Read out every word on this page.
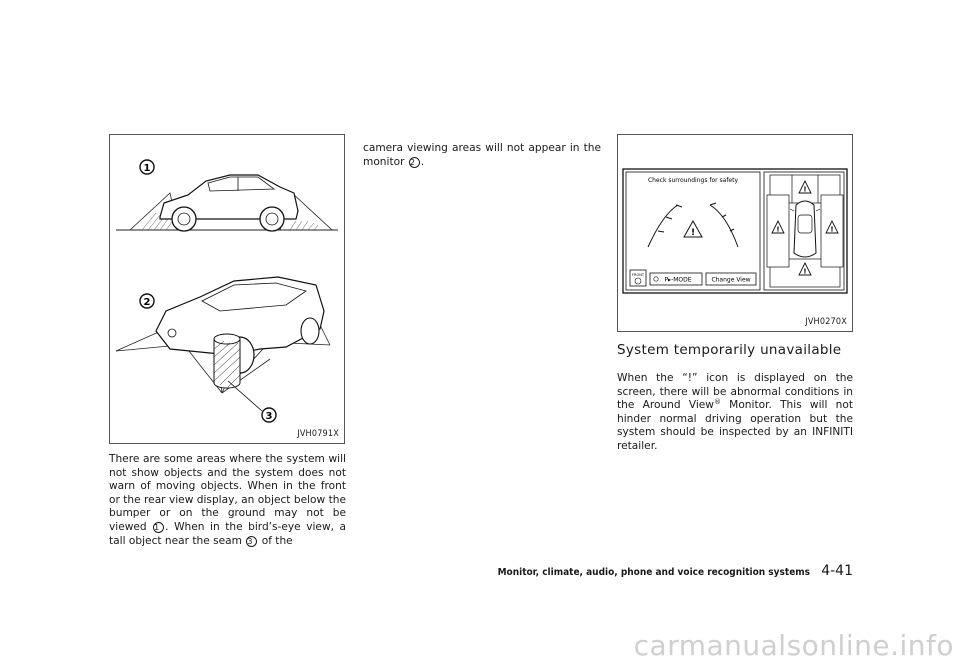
1
2
3
JVH0791X
There are some areas where the system will not show objects and the system does not warn of moving objects. When in the front or the rear view display, an object below the bumper or on the ground may not be viewed 1 . When in the bird’s-eye view, a tall object near the seam 3 of the
camera viewing areas will not appear in the monitor 2 .
Check surroundings for safety
!
FRONT
P▸-MODE	Change View
!
!	!
!
JVH0270X
System temporarily unavailable
When the “!” icon is displayed on the screen, there will be abnormal conditions in the Around View® Monitor. This will not hinder normal driving operation but the system should be inspected by an INFINITI retailer.
Monitor, climate, audio, phone and voice recognition systems 4-41
carmanualsonline.info
